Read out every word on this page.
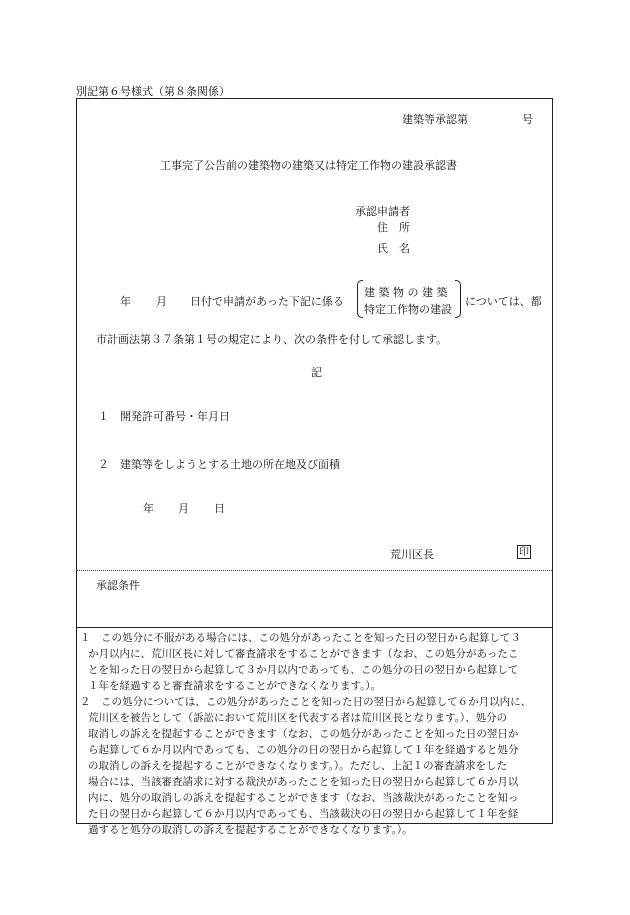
別記第６号様式（第８条関係）
建築等承認第	号
工事完了公告前の建築物の建築又は特定工作物の建設承認書
承認申請者
住　所
氏　名
年 月 日付で申請があった下記に係る
建 築 物 の 建 築
特定工作物の建設
については、都
市計画法第３７条第１号の規定により、次の条件を付して承認します。
記
１　開発許可番号・年月日
２　建築等をしようとする土地の所在地及び面積
年 月 日
荒川区長	印
承認条件
１　この処分に不服がある場合には、この処分があったことを知った日の翌日から起算して３
か月以内に、荒川区長に対して審査請求をすることができます（なお、この処分があったこ
とを知った日の翌日から起算して３か月以内であっても、この処分の日の翌日から起算して
１年を経過すると審査請求をすることができなくなります。）。
２　この処分については、この処分があったことを知った日の翌日から起算して６か月以内に、
荒川区を被告として（訴訟において荒川区を代表する者は荒川区長となります。）、処分の
取消しの訴えを提起することができます（なお、この処分があったことを知った日の翌日か
ら起算して６か月以内であっても、この処分の日の翌日から起算して１年を経過すると処分
の取消しの訴えを提起することができなくなります。）。ただし、上記１の審査請求をした
場合には、当該審査請求に対する裁決があったことを知った日の翌日から起算して６か月以
内に、処分の取消しの訴えを提起することができます（なお、当該裁決があったことを知っ
た日の翌日から起算して６か月以内であっても、当該裁決の日の翌日から起算して１年を経
過すると処分の取消しの訴えを提起することができなくなります。）。
